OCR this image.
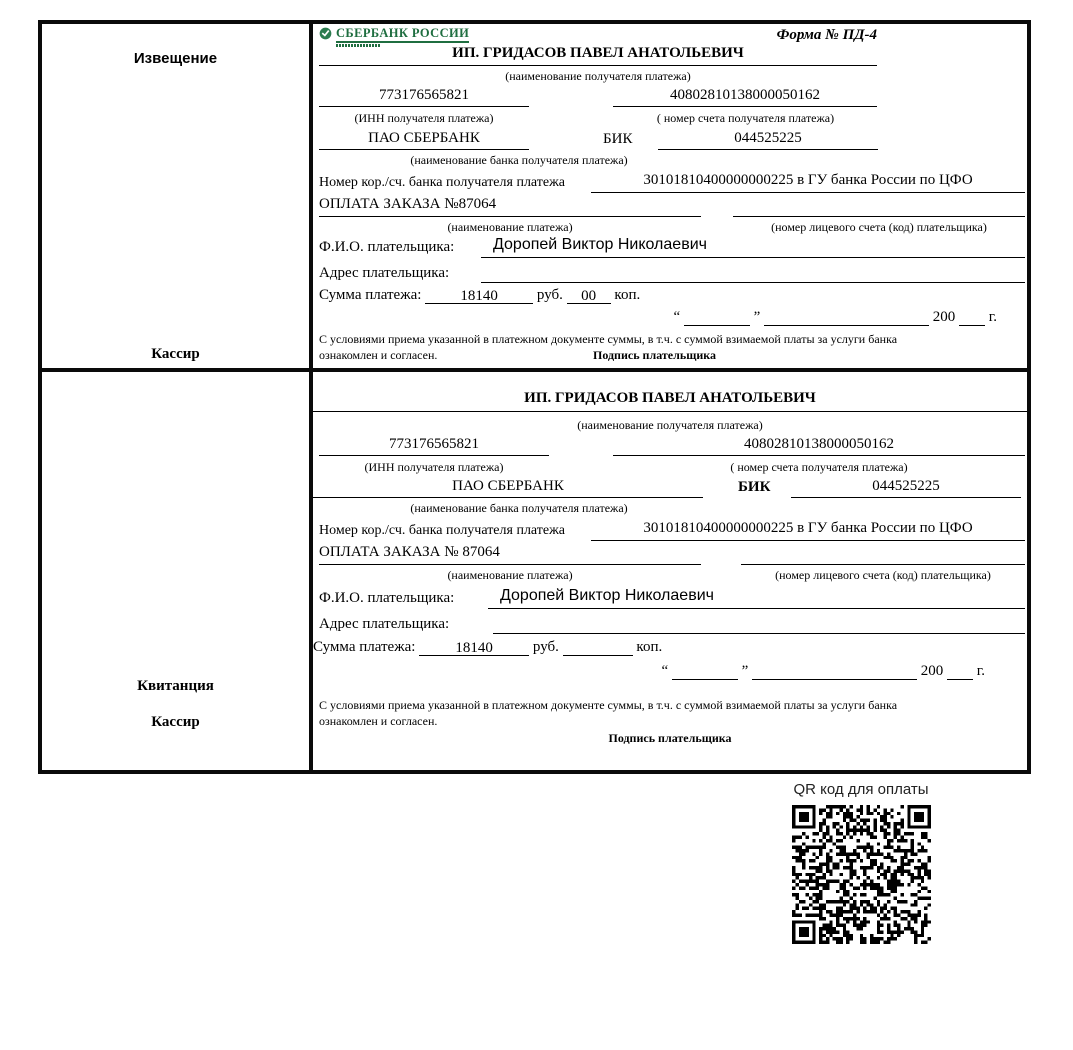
Извещение
Кассир
СБЕРБАНК РОССИИ	Форма № ПД-4
ИП. ГРИДАСОВ ПАВЕЛ АНАТОЛЬЕВИЧ
(наименование получателя платежа)
773176565821	40802810138000050162
(ИНН получателя платежа)	( номер счета получателя платежа)
ПАО СБЕРБАНК	БИК	044525225
(наименование банка получателя платежа)
Номер кор./сч. банка получателя платежа	30101810400000000225 в ГУ банка России по ЦФО
ОПЛАТА ЗАКАЗА №87064
(наименование платежа)	(номер лицевого счета (код) плательщика)
Ф.И.О. плательщика:	Доропей Виктор Николаевич
Адрес плательщика:
Сумма платежа:	18140	руб. 00 коп.
“	”	200 г.
С условиями приема указанной в платежном документе суммы, в т.ч. с суммой взимаемой платы за услуги банка
ознакомлен и согласен.	Подпись плательщика
Квитанция
Кассир
ИП. ГРИДАСОВ ПАВЕЛ АНАТОЛЬЕВИЧ
(наименование получателя платежа)
773176565821	40802810138000050162
(ИНН получателя платежа)	( номер счета получателя платежа)
ПАО СБЕРБАНК	БИК	044525225
(наименование банка получателя платежа)
Номер кор./сч. банка получателя платежа	30101810400000000225 в ГУ банка России по ЦФО
ОПЛАТА ЗАКАЗА № 87064
(наименование платежа)	(номер лицевого счета (код) плательщика)
Ф.И.О. плательщика:	Доропей Виктор Николаевич
Адрес плательщика:
Сумма платежа:	18140	руб.	коп.
“	”	200 г.
С условиями приема указанной в платежном документе суммы, в т.ч. с суммой взимаемой платы за услуги банка
ознакомлен и согласен.
Подпись плательщика
QR код для оплаты
